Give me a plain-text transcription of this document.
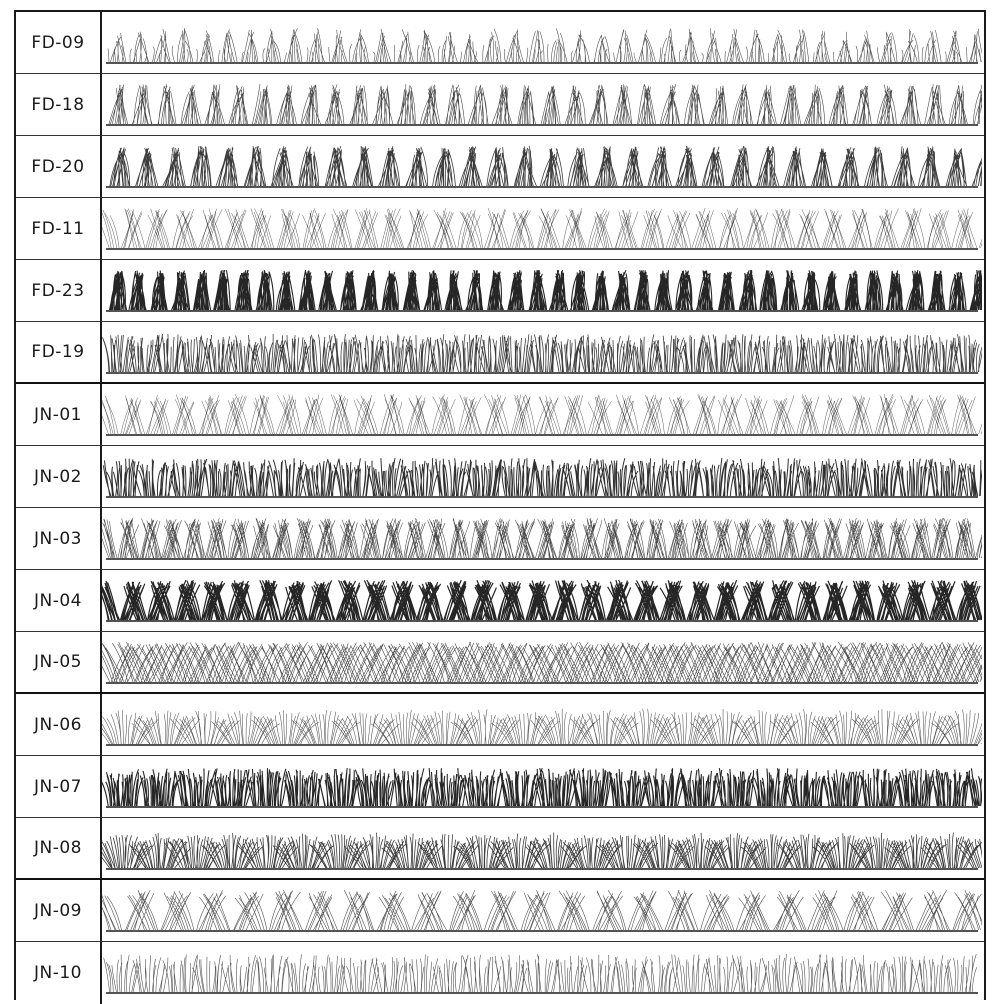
FD-09
FD-18
FD-20
FD-11
FD-23
FD-19
JN-01
JN-02
JN-03
JN-04
JN-05
JN-06
JN-07
JN-08
JN-09
JN-10
